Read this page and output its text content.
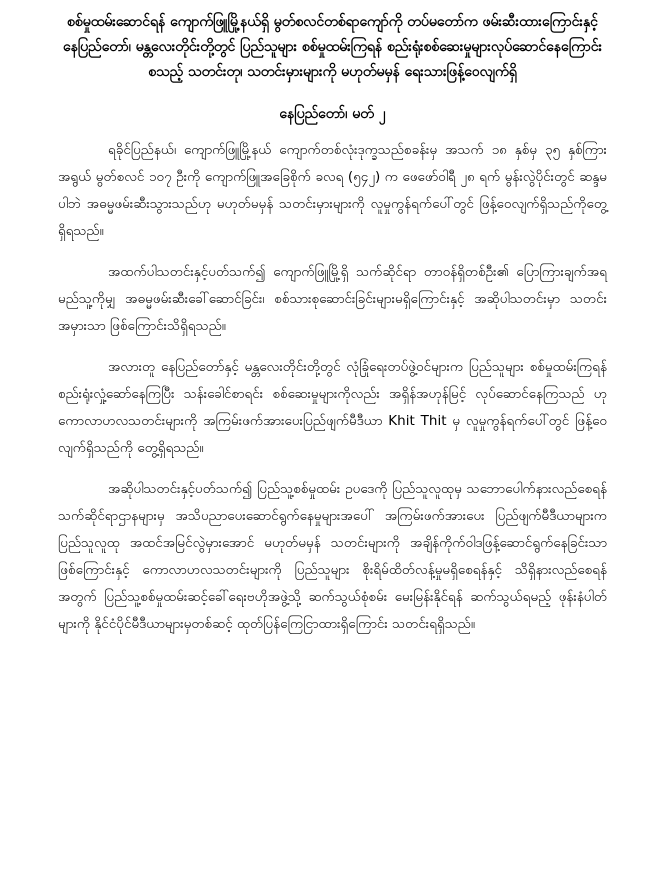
စစ်မှုထမ်းဆောင်ရန် ကျောက်ဖြူမြို့နယ်ရှိ မွတ်စလင်တစ်ရာကျော်ကို တပ်မတော်က ဖမ်းဆီးထားကြောင်းနှင့် နေပြည်တော်၊ မန္တလေးတိုင်းတို့တွင် ပြည်သူများ စစ်မှုထမ်းကြရန် စည်းရုံးစစ်ဆေးမှုများလုပ်ဆောင်နေကြောင်း စသည့် သတင်းတု၊ သတင်းမှားများကို မဟုတ်မမှန် ရေးသားဖြန့်ဝေလျက်ရှိ

နေပြည်တော်၊ မတ် ၂

ရခိုင်ပြည်နယ်၊ ကျောက်ဖြူမြို့နယ် ကျောက်တစ်လုံးဒုက္ခသည်စခန်းမှ အသက် ၁၈ နှစ်မှ ၃၅ နှစ်ကြားအရွယ် မွတ်စလင် ၁၀၇ ဦးကို ကျောက်ဖြူအခြေစိုက် ခလရ (၅၄၂) က ဖေဖော်ဝါရီ ၂၈ ရက် မွန်းလွဲပိုင်းတွင် ဆန္ဒမပါဘဲ အဓမ္မဖမ်းဆီးသွားသည်ဟု မဟုတ်မမှန် သတင်းမှားများကို လူမှုကွန်ရက်ပေါ်တွင် ဖြန့်ဝေလျက်ရှိသည်ကိုတွေ့ရှိရသည်။

အထက်ပါသတင်းနှင့်ပတ်သက်၍ ကျောက်ဖြူမြို့ရှိ သက်ဆိုင်ရာ တာဝန်ရှိတစ်ဦး၏ ပြောကြားချက်အရ မည်သူ့ကိုမျှ အဓမ္မဖမ်းဆီးခေါ်ဆောင်ခြင်း၊ စစ်သားစုဆောင်းခြင်းများမရှိကြောင်းနှင့် အဆိုပါသတင်းမှာ သတင်းအမှားသာ ဖြစ်ကြောင်းသိရှိရသည်။

အလားတူ နေပြည်တော်နှင့် မန္တလေးတိုင်းတို့တွင် လုံခြုံရေးတပ်ဖွဲ့ဝင်များက ပြည်သူများ စစ်မှုထမ်းကြရန် စည်းရုံးလှုံ့ဆော်နေကြပြီး သန်းခေါင်စာရင်း စစ်ဆေးမှုများကိုလည်း အရှိန်အဟုန်မြင့် လုပ်ဆောင်နေကြသည် ဟု ကောလာဟလသတင်းများကို အကြမ်းဖက်အားပေးပြည်ဖျက်မီဒီယာ Khit Thit မှ လူမှုကွန်ရက်ပေါ်တွင် ဖြန့်ဝေလျက်ရှိသည်ကို တွေ့ရှိရသည်။

အဆိုပါသတင်းနှင့်ပတ်သက်၍ ပြည်သူ့စစ်မှုထမ်း ဥပဒေကို ပြည်သူလူထုမှ သဘောပေါက်နားလည်စေရန် သက်ဆိုင်ရာဌာနများမှ အသိပညာပေးဆောင်ရွက်နေမှုများအပေါ် အကြမ်းဖက်အားပေး ပြည်ဖျက်မီဒီယာများက ပြည်သူလူထု အထင်အမြင်လွဲမှားအောင် မဟုတ်မမှန် သတင်းများကို အချိန်ကိုက်ဝါဒဖြန့်ဆောင်ရွက်နေခြင်းသာဖြစ်ကြောင်းနှင့် ကောလာဟလသတင်းများကို ပြည်သူများ စိုးရိမ်ထိတ်လန့်မှုမရှိစေရန်နှင့် သိရှိနားလည်စေရန်အတွက် ပြည်သူ့စစ်မှုထမ်းဆင့်ခေါ်ရေးဗဟိုအဖွဲ့သို့ ဆက်သွယ်စုံစမ်း မေးမြန်းနိုင်ရန် ဆက်သွယ်ရမည့် ဖုန်းနံပါတ်များကို နိုင်ငံပိုင်မီဒီယာများမှတစ်ဆင့် ထုတ်ပြန်ကြေငြာထားရှိကြောင်း သတင်းရရှိသည်။
